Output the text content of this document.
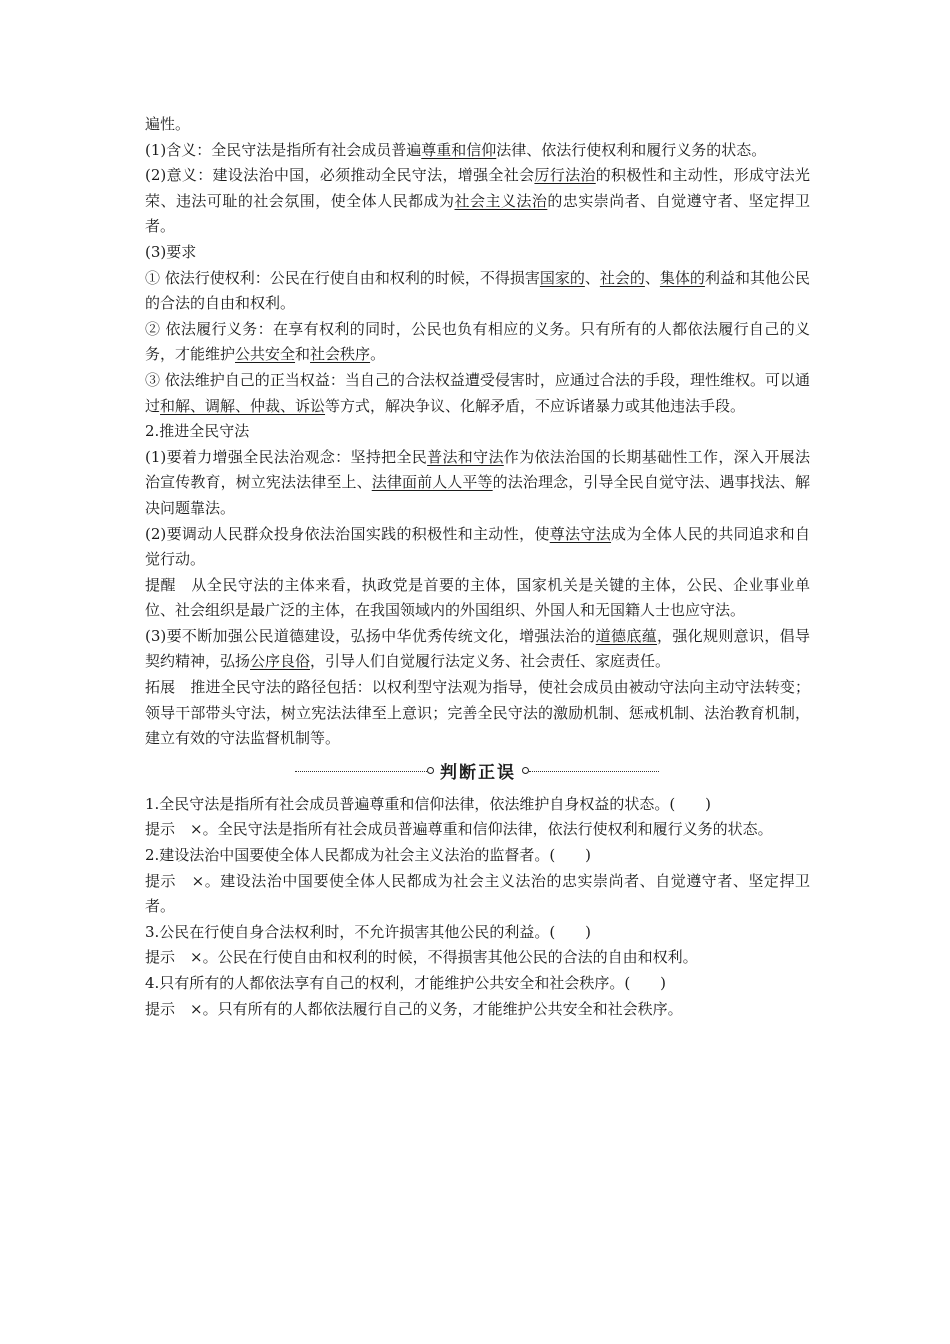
遍性。

(1)含义：全民守法是指所有社会成员普遍尊重和信仰法律、依法行使权利和履行义务的状态。

(2)意义：建设法治中国，必须推动全民守法，增强全社会厉行法治的积极性和主动性，形成守法光荣、违法可耻的社会氛围，使全体人民都成为社会主义法治的忠实崇尚者、自觉遵守者、坚定捍卫者。

(3)要求

① 依法行使权利：公民在行使自由和权利的时候，不得损害国家的、社会的、集体的利益和其他公民的合法的自由和权利。

② 依法履行义务：在享有权利的同时，公民也负有相应的义务。只有所有的人都依法履行自己的义务，才能维护公共安全和社会秩序。

③ 依法维护自己的正当权益：当自己的合法权益遭受侵害时，应通过合法的手段，理性维权。可以通过和解、调解、仲裁、诉讼等方式，解决争议、化解矛盾，不应诉诸暴力或其他违法手段。

2.推进全民守法

(1)要着力增强全民法治观念：坚持把全民普法和守法作为依法治国的长期基础性工作，深入开展法治宣传教育，树立宪法法律至上、法律面前人人平等的法治理念，引导全民自觉守法、遇事找法、解决问题靠法。

(2)要调动人民群众投身依法治国实践的积极性和主动性，使尊法守法成为全体人民的共同追求和自觉行动。

提醒　从全民守法的主体来看，执政党是首要的主体，国家机关是关键的主体，公民、企业事业单位、社会组织是最广泛的主体，在我国领域内的外国组织、外国人和无国籍人士也应守法。

(3)要不断加强公民道德建设，弘扬中华优秀传统文化，增强法治的道德底蕴，强化规则意识，倡导契约精神，弘扬公序良俗，引导人们自觉履行法定义务、社会责任、家庭责任。

拓展　推进全民守法的路径包括：以权利型守法观为指导，使社会成员由被动守法向主动守法转变；领导干部带头守法，树立宪法法律至上意识；完善全民守法的激励机制、惩戒机制、法治教育机制，建立有效的守法监督机制等。

判断正误

1.全民守法是指所有社会成员普遍尊重和信仰法律，依法维护自身权益的状态。(　　)

提示　×。全民守法是指所有社会成员普遍尊重和信仰法律，依法行使权利和履行义务的状态。

2.建设法治中国要使全体人民都成为社会主义法治的监督者。(　　)

提示　×。建设法治中国要使全体人民都成为社会主义法治的忠实崇尚者、自觉遵守者、坚定捍卫者。

3.公民在行使自身合法权利时，不允许损害其他公民的利益。(　　)

提示　×。公民在行使自由和权利的时候，不得损害其他公民的合法的自由和权利。

4.只有所有的人都依法享有自己的权利，才能维护公共安全和社会秩序。(　　)

提示　×。只有所有的人都依法履行自己的义务，才能维护公共安全和社会秩序。
